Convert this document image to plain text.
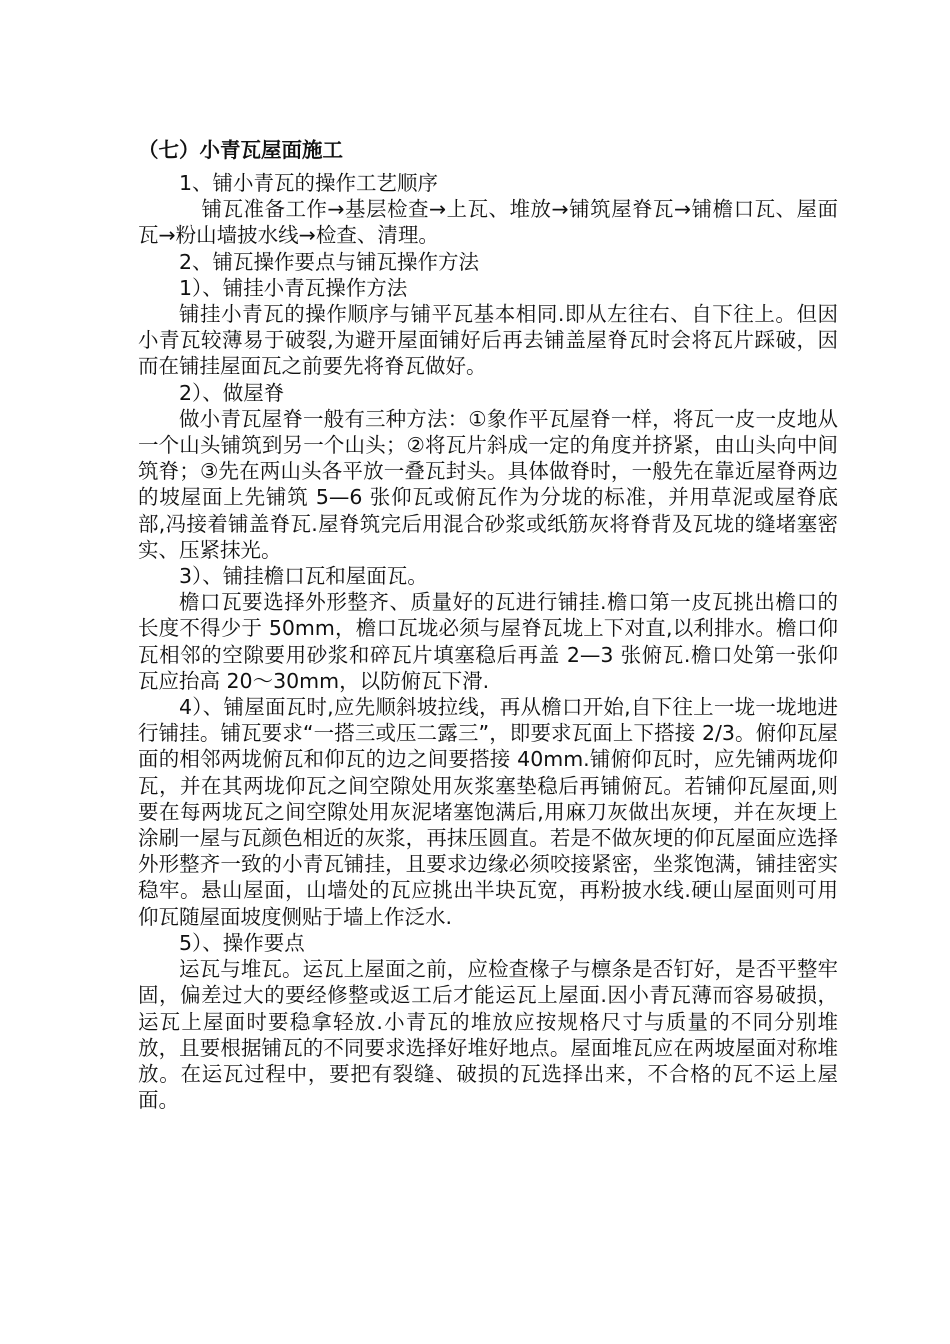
（七）小青瓦屋面施工

1、铺小青瓦的操作工艺顺序

铺瓦准备工作→基层检查→上瓦、堆放→铺筑屋脊瓦→铺檐口瓦、屋面瓦→粉山墙披水线→检查、清理。

2、铺瓦操作要点与铺瓦操作方法

1）、铺挂小青瓦操作方法

铺挂小青瓦的操作顺序与铺平瓦基本相同.即从左往右、自下往上。但因小青瓦较薄易于破裂,为避开屋面铺好后再去铺盖屋脊瓦时会将瓦片踩破，因而在铺挂屋面瓦之前要先将脊瓦做好。

2）、做屋脊

做小青瓦屋脊一般有三种方法：①象作平瓦屋脊一样，将瓦一皮一皮地从一个山头铺筑到另一个山头；②将瓦片斜成一定的角度并挤紧，由山头向中间筑脊；③先在两山头各平放一叠瓦封头。具体做脊时，一般先在靠近屋脊两边的坡屋面上先铺筑 5—6 张仰瓦或俯瓦作为分垅的标准，并用草泥或屋脊底部,冯接着铺盖脊瓦.屋脊筑完后用混合砂浆或纸筋灰将脊背及瓦垅的缝堵塞密实、压紧抹光。

3）、铺挂檐口瓦和屋面瓦。

檐口瓦要选择外形整齐、质量好的瓦进行铺挂.檐口第一皮瓦挑出檐口的长度不得少于 50mm，檐口瓦垅必须与屋脊瓦垅上下对直,以利排水。檐口仰瓦相邻的空隙要用砂浆和碎瓦片填塞稳后再盖 2—3 张俯瓦.檐口处第一张仰瓦应抬高 20～30mm，以防俯瓦下滑.

4）、铺屋面瓦时,应先顺斜坡拉线，再从檐口开始,自下往上一垅一垅地进行铺挂。铺瓦要求“一搭三或压二露三”，即要求瓦面上下搭接 2/3。俯仰瓦屋面的相邻两垅俯瓦和仰瓦的边之间要搭接 40mm.铺俯仰瓦时，应先铺两垅仰瓦，并在其两垅仰瓦之间空隙处用灰浆塞垫稳后再铺俯瓦。若铺仰瓦屋面,则要在每两垅瓦之间空隙处用灰泥堵塞饱满后,用麻刀灰做出灰埂，并在灰埂上涂刷一屋与瓦颜色相近的灰浆，再抹压圆直。若是不做灰埂的仰瓦屋面应选择外形整齐一致的小青瓦铺挂，且要求边缘必须咬接紧密，坐浆饱满，铺挂密实稳牢。悬山屋面，山墙处的瓦应挑出半块瓦宽，再粉披水线.硬山屋面则可用仰瓦随屋面坡度侧贴于墙上作泛水.

5）、操作要点

运瓦与堆瓦。运瓦上屋面之前，应检查椽子与檩条是否钉好，是否平整牢固，偏差过大的要经修整或返工后才能运瓦上屋面.因小青瓦薄而容易破损，运瓦上屋面时要稳拿轻放.小青瓦的堆放应按规格尺寸与质量的不同分别堆放，且要根据铺瓦的不同要求选择好堆好地点。屋面堆瓦应在两坡屋面对称堆放。在运瓦过程中，要把有裂缝、破损的瓦选择出来，不合格的瓦不运上屋面。
